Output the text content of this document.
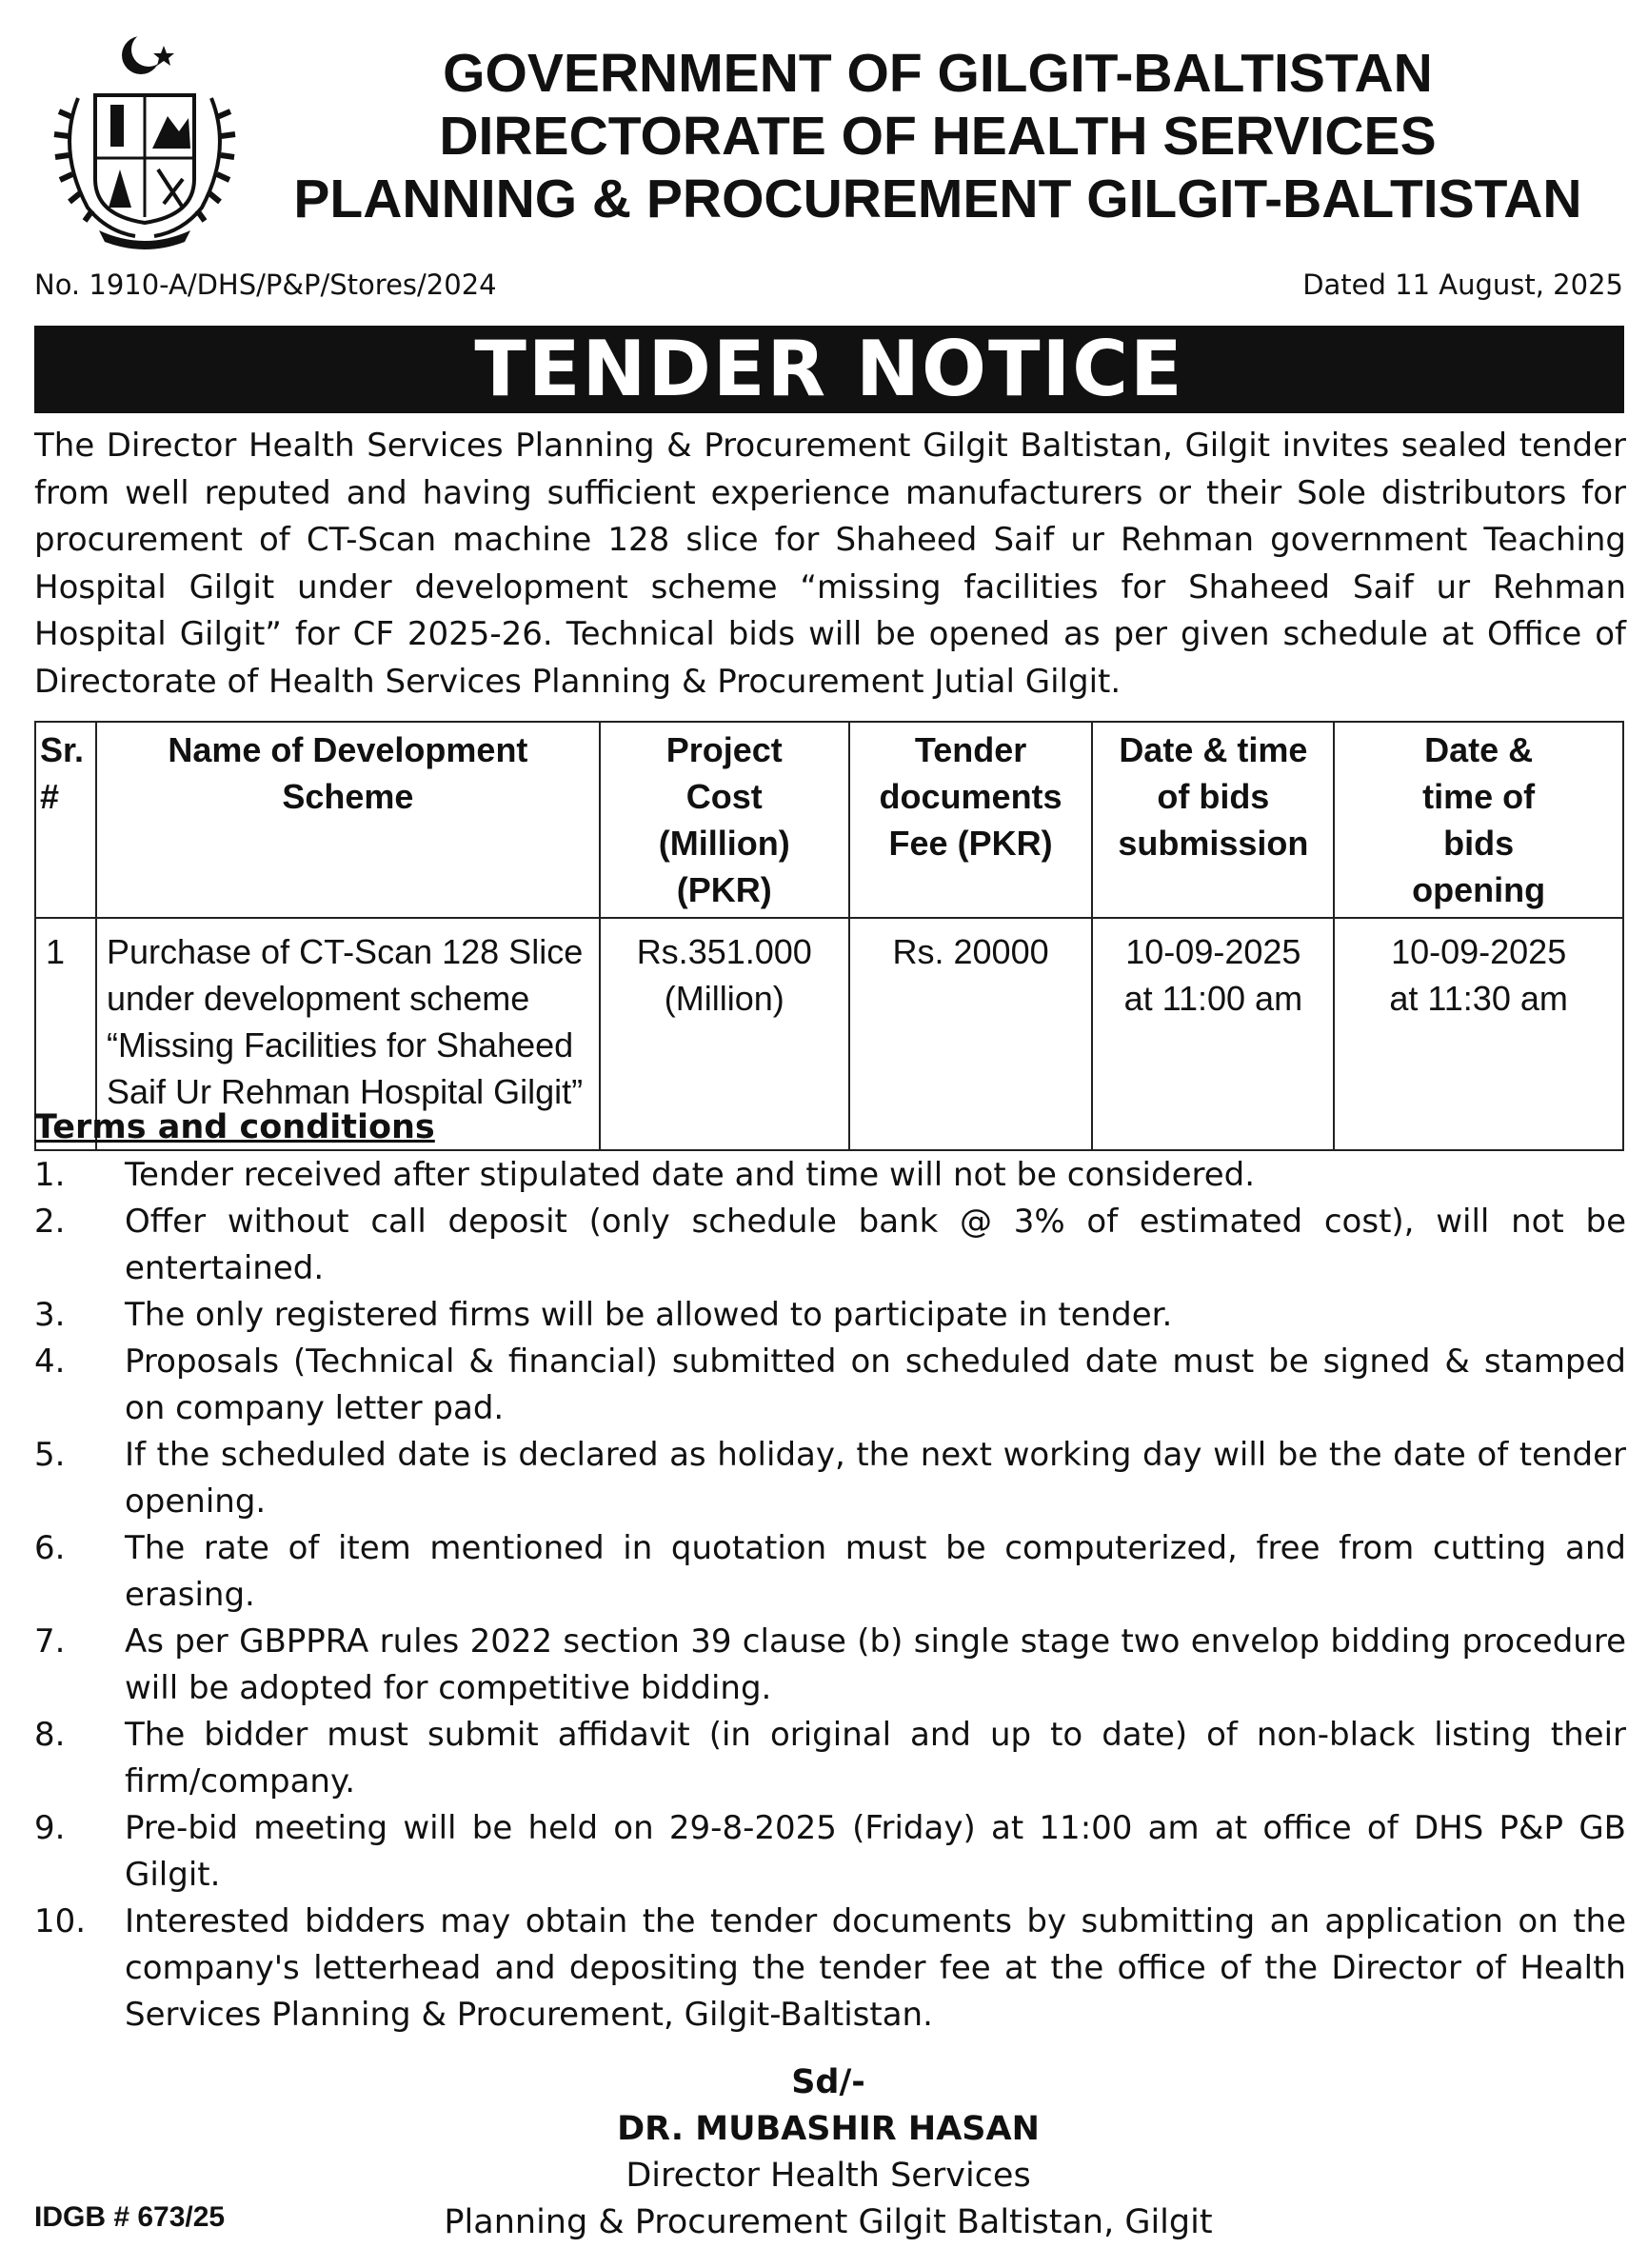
GOVERNMENT OF GILGIT-BALTISTAN
DIRECTORATE OF HEALTH SERVICES
PLANNING & PROCUREMENT GILGIT-BALTISTAN
No. 1910-A/DHS/P&P/Stores/2024	Dated 11 August, 2025
TENDER NOTICE

The Director Health Services Planning & Procurement Gilgit Baltistan, Gilgit invites sealed tender from well reputed and having sufficient experience manufacturers or their Sole distributors for procurement of CT-Scan machine 128 slice for Shaheed Saif ur Rehman government Teaching Hospital Gilgit under development scheme “missing facilities for Shaheed Saif ur Rehman Hospital Gilgit” for CF 2025-26. Technical bids will be opened as per given schedule at Office of Directorate of Health Services Planning & Procurement Jutial Gilgit.

Sr. #	Name of Development Scheme	Project Cost (Million) (PKR)	Tender documents Fee (PKR)	Date & time of bids submission	Date & time of bids opening
1	Purchase of CT-Scan 128 Slice under development scheme “Missing Facilities for Shaheed Saif Ur Rehman Hospital Gilgit”	Rs.351.000 (Million)	Rs. 20000	10-09-2025 at 11:00 am	10-09-2025 at 11:30 am
Terms and conditions
1.	Tender received after stipulated date and time will not be considered.
2.	Offer without call deposit (only schedule bank @ 3% of estimated cost), will not be entertained.
3.	The only registered firms will be allowed to participate in tender.
4.	Proposals (Technical & financial) submitted on scheduled date must be signed & stamped on company letter pad.
5.	If the scheduled date is declared as holiday, the next working day will be the date of tender opening.
6.	The rate of item mentioned in quotation must be computerized, free from cutting and erasing.
7.	As per GBPPRA rules 2022 section 39 clause (b) single stage two envelop bidding procedure will be adopted for competitive bidding.
8.	The bidder must submit affidavit (in original and up to date) of non-black listing their firm/company.
9.	Pre-bid meeting will be held on 29-8-2025 (Friday) at 11:00 am at office of DHS P&P GB Gilgit.
10.	Interested bidders may obtain the tender documents by submitting an application on the company's letterhead and depositing the tender fee at the office of the Director of Health Services Planning & Procurement, Gilgit-Baltistan.
Sd/-
DR. MUBASHIR HASAN
Director Health Services
Planning & Procurement Gilgit Baltistan, Gilgit
IDGB # 673/25
